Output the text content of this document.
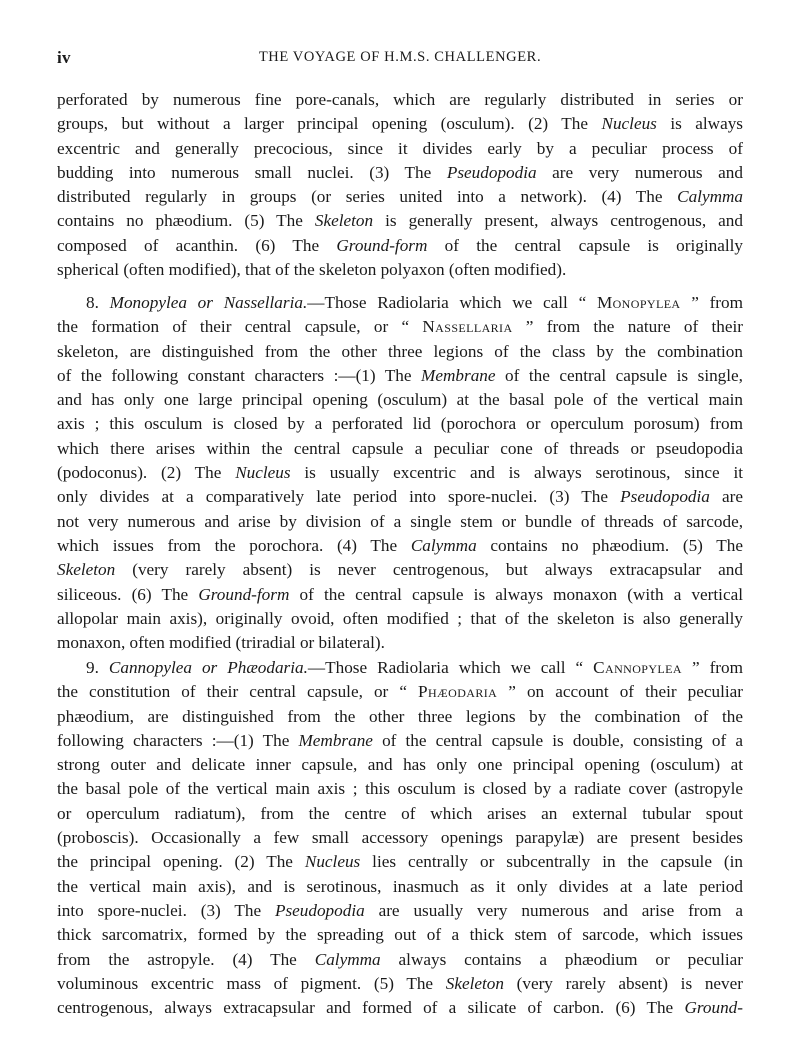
iv	THE VOYAGE OF H.M.S. CHALLENGER.
perforated by numerous fine pore-canals, which are regularly distributed in series or
groups, but without a larger principal opening (osculum). (2) The Nucleus is always
excentric and generally precocious, since it divides early by a peculiar process of
budding into numerous small nuclei. (3) The Pseudopodia are very numerous and
distributed regularly in groups (or series united into a network). (4) The Calymma
contains no phæodium. (5) The Skeleton is generally present, always centrogenous, and
composed of acanthin. (6) The Ground-form of the central capsule is originally
spherical (often modified), that of the skeleton polyaxon (often modified).
8. Monopylea or Nassellaria.—Those Radiolaria which we call “ Monopylea ” from
the formation of their central capsule, or “ Nassellaria ” from the nature of their
skeleton, are distinguished from the other three legions of the class by the combination
of the following constant characters :—(1) The Membrane of the central capsule is single,
and has only one large principal opening (osculum) at the basal pole of the vertical main
axis ; this osculum is closed by a perforated lid (porochora or operculum porosum) from
which there arises within the central capsule a peculiar cone of threads or pseudopodia
(podoconus). (2) The Nucleus is usually excentric and is always serotinous, since it
only divides at a comparatively late period into spore-nuclei. (3) The Pseudopodia are
not very numerous and arise by division of a single stem or bundle of threads of sarcode,
which issues from the porochora. (4) The Calymma contains no phæodium. (5) The
Skeleton (very rarely absent) is never centrogenous, but always extracapsular and
siliceous. (6) The Ground-form of the central capsule is always monaxon (with a vertical
allopolar main axis), originally ovoid, often modified ; that of the skeleton is also generally
monaxon, often modified (triradial or bilateral).
9. Cannopylea or Phæodaria.—Those Radiolaria which we call “ Cannopylea ” from
the constitution of their central capsule, or “ Phæodaria ” on account of their peculiar
phæodium, are distinguished from the other three legions by the combination of the
following characters :—(1) The Membrane of the central capsule is double, consisting of a
strong outer and delicate inner capsule, and has only one principal opening (osculum) at
the basal pole of the vertical main axis ; this osculum is closed by a radiate cover (astropyle
or operculum radiatum), from the centre of which arises an external tubular spout
(proboscis). Occasionally a few small accessory openings parapylæ) are present besides
the principal opening. (2) The Nucleus lies centrally or subcentrally in the capsule (in
the vertical main axis), and is serotinous, inasmuch as it only divides at a late period
into spore-nuclei. (3) The Pseudopodia are usually very numerous and arise from a
thick sarcomatrix, formed by the spreading out of a thick stem of sarcode, which issues
from the astropyle. (4) The Calymma always contains a phæodium or peculiar
voluminous excentric mass of pigment. (5) The Skeleton (very rarely absent) is never
centrogenous, always extracapsular and formed of a silicate of carbon. (6) The Ground-
